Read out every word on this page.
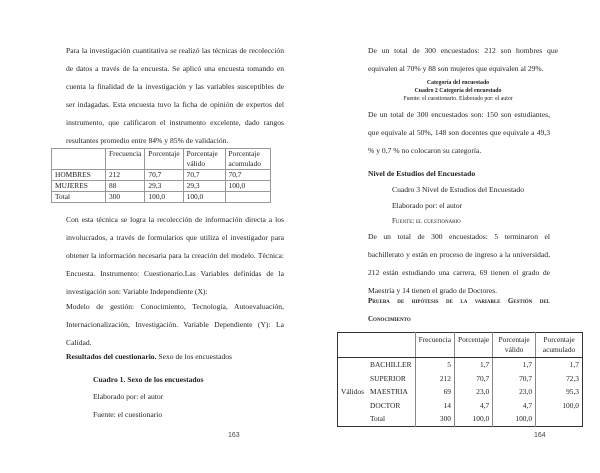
Para la investigación cuantitativa se realizó las técnicas de recolección de datos a través de la encuesta. Se aplicó una encuesta tomando en cuenta la finalidad de la investigación y las variables susceptibles de ser indagadas. Esta encuesta tuvo la ficha de opinión de expertos del instrumento, que calificaron el instrumento excelente, dado rangos resultantes promedio entre 84% y 85% de validación.

	Frecuencia	Porcentaje	Porcentaje válido	Porcentaje acumulado
HOMBRES	212	70,7	70,7	70,7
MUJERES	88	29,3	29,3	100,0
Total	300	100,0	100,0	

Con esta técnica se logra la recolección de información directa a los involucrados, a través de formularios que utiliza el investigador para obtener la información necesaria para la creación del modelo. Técnica: Encuesta. Instrumento: Cuestionario.Las Variables definidas de la investigación son: Variable Independiente (X):

Modelo de gestión: Conocimiento, Tecnología, Autoevaluación, Internacionalización, Investigación. Variable Dependiente (Y): La Calidad.

Resultados del cuestionario. Sexo de los encuestados

Cuadro 1. Sexo de los encuestados

Elaborado por: el autor

Fuente: el cuestionario

163

De un total de 300 encuestados: 212 son hombres que equivalen al 70% y 88 son mujeres que equivalen al 29%.

Categoría del encuestado

Cuadro 2 Categoría del encuestado

Fuente: el cuestionario. Elaborado por: el autor

De un total de 300 encuestados son: 150 son estudiantes, que equivale al 50%, 148 son docentes que equivale a 49,3 % y 0,7 % no colocaron su categoría.

Nivel de Estudios del Encuestado

Cuadro 3 Nivel de Estudios del Encuestado

Elaborado por: el autor

Fuente: el cuestionario

De un total de 300 encuestados: 5 terminaron el bachillerato y están en proceso de ingreso a la universidad, 212 están estudiando una carrera, 69 tienen el grado de Maestría y 14 tienen el grado de Doctores.

Prueba de hipótesis de la variable Gestión del Conocimiento

		Frecuencia	Porcentaje	Porcentaje válido	Porcentaje acumulado
Válidos	BACHILLER	5	1,7	1,7	1,7
	SUPERIOR	212	70,7	70,7	72,3
	MAESTRIA	69	23,0	23,0	95,3
	DOCTOR	14	4,7	4,7	100,0
	Total	300	100,0	100,0	

164
